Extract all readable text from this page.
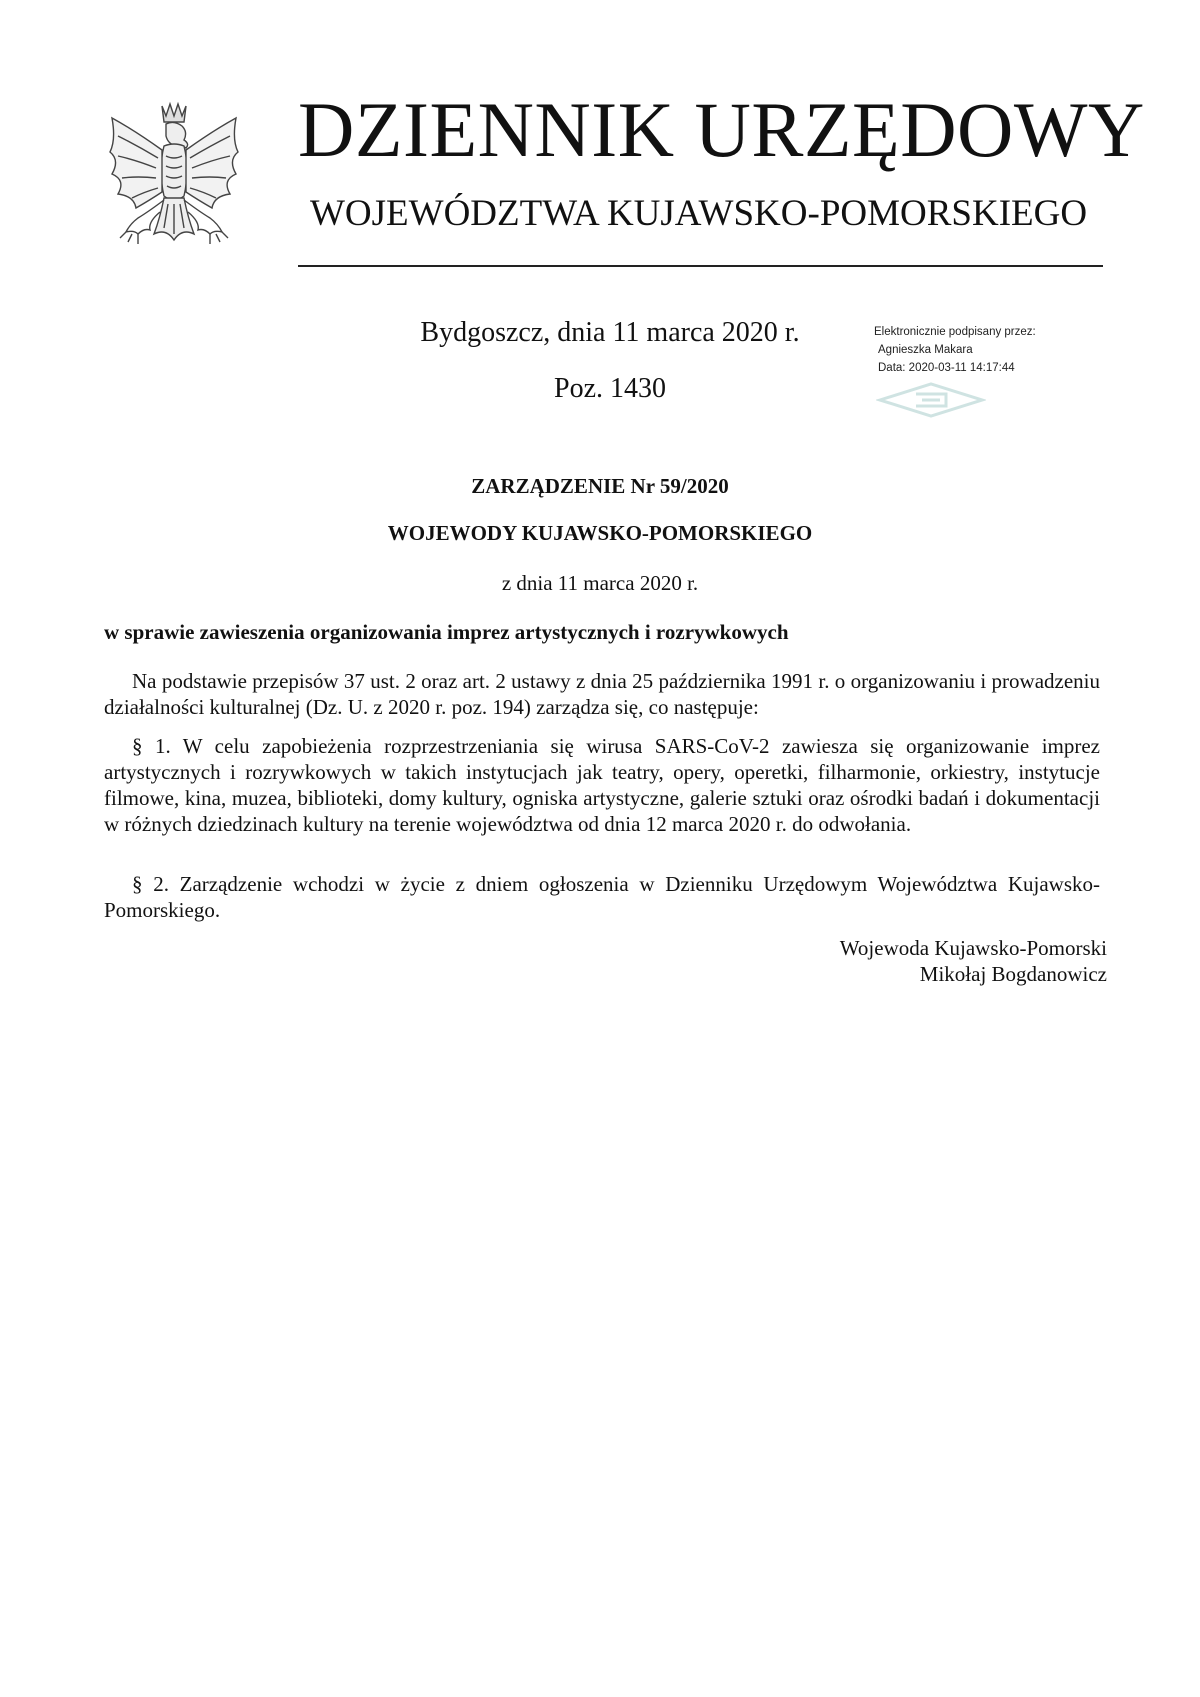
DZIENNIK URZĘDOWY
WOJEWÓDZTWA KUJAWSKO-POMORSKIEGO
Bydgoszcz, dnia 11 marca 2020 r.
Poz. 1430
Elektronicznie podpisany przez:
Agnieszka Makara
Data: 2020-03-11 14:17:44
ZARZĄDZENIE Nr 59/2020
WOJEWODY KUJAWSKO-POMORSKIEGO
z dnia 11 marca 2020 r.
w sprawie zawieszenia organizowania imprez artystycznych i rozrywkowych

Na podstawie przepisów 37 ust. 2 oraz art. 2 ustawy z dnia 25 października 1991 r. o organizowaniu i prowadzeniu działalności kulturalnej (Dz. U. z 2020 r. poz. 194) zarządza się, co następuje:

§ 1. W celu zapobieżenia rozprzestrzeniania się wirusa SARS-CoV-2 zawiesza się organizowanie imprez artystycznych i rozrywkowych w takich instytucjach jak teatry, opery, operetki, filharmonie, orkiestry, instytucje filmowe, kina, muzea, biblioteki, domy kultury, ogniska artystyczne, galerie sztuki oraz ośrodki badań i dokumentacji w różnych dziedzinach kultury na terenie województwa od dnia 12 marca 2020 r. do odwołania.

§ 2. Zarządzenie wchodzi w życie z dniem ogłoszenia w Dzienniku Urzędowym Województwa Kujawsko-Pomorskiego.

Wojewoda Kujawsko-Pomorski
Mikołaj Bogdanowicz
